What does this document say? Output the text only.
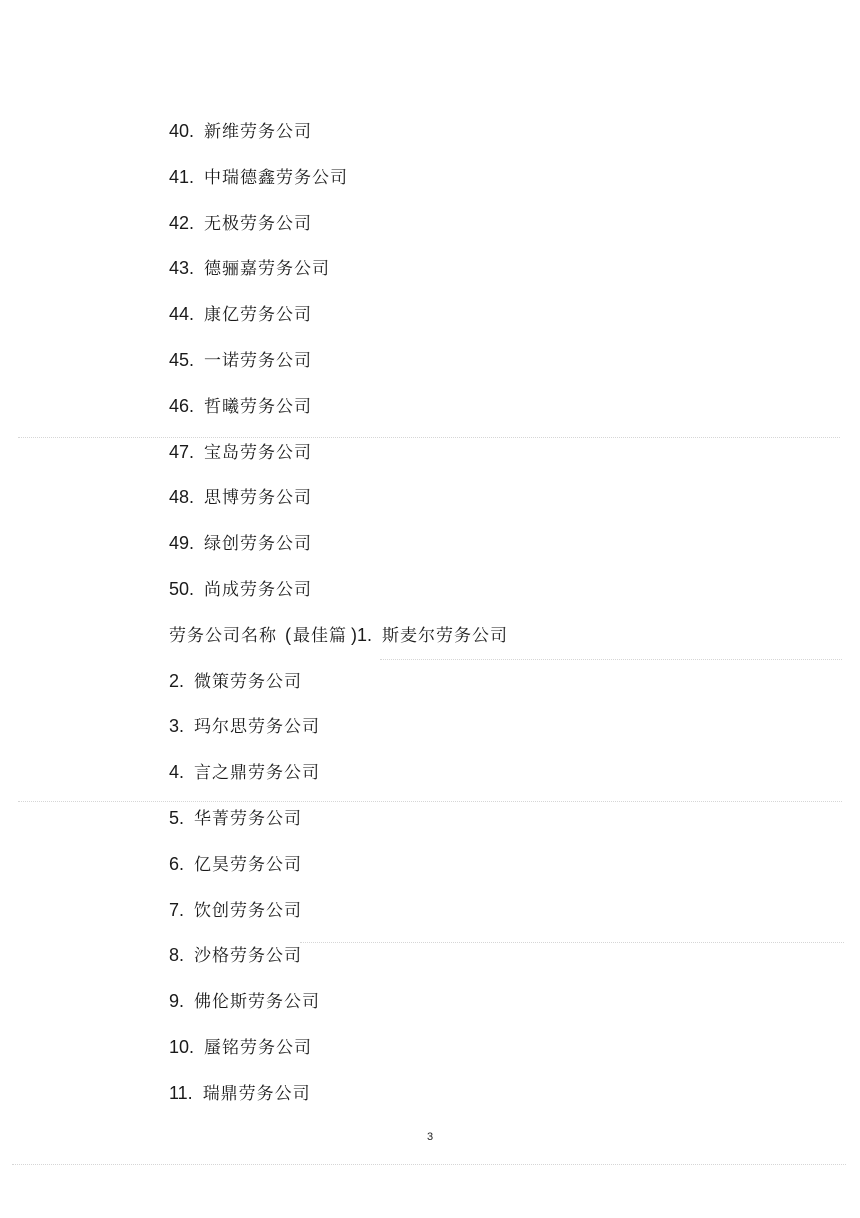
40. 新维劳务公司
41. 中瑞德鑫劳务公司
42. 无极劳务公司
43. 德骊嘉劳务公司
44. 康亿劳务公司
45. 一诺劳务公司
46. 哲曦劳务公司
47. 宝岛劳务公司
48. 思博劳务公司
49. 绿创劳务公司
50. 尚成劳务公司
劳务公司名称 ( 最佳篇 )1. 斯麦尔劳务公司
2. 微策劳务公司
3. 玛尔思劳务公司
4. 言之鼎劳务公司
5. 华菁劳务公司
6. 亿昊劳务公司
7. 饮创劳务公司
8. 沙格劳务公司
9. 佛伦斯劳务公司
10. 蜃铭劳务公司
11. 瑞鼎劳务公司
3
